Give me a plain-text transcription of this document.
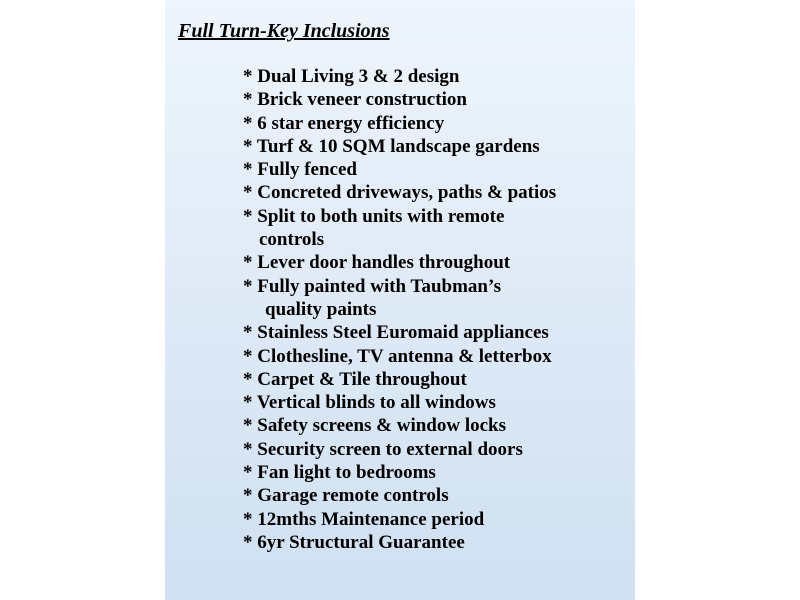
Full Turn-Key Inclusions
* Dual Living 3 & 2 design
* Brick veneer construction
* 6 star energy efficiency
* Turf & 10 SQM landscape gardens
* Fully fenced
* Concreted driveways, paths & patios
* Split to both units with remote
controls
* Lever door handles throughout
* Fully painted with Taubman’s
quality paints
* Stainless Steel Euromaid appliances
* Clothesline, TV antenna & letterbox
* Carpet & Tile throughout
* Vertical blinds to all windows
* Safety screens & window locks
* Security screen to external doors
* Fan light to bedrooms
* Garage remote controls
* 12mths Maintenance period
* 6yr Structural Guarantee
